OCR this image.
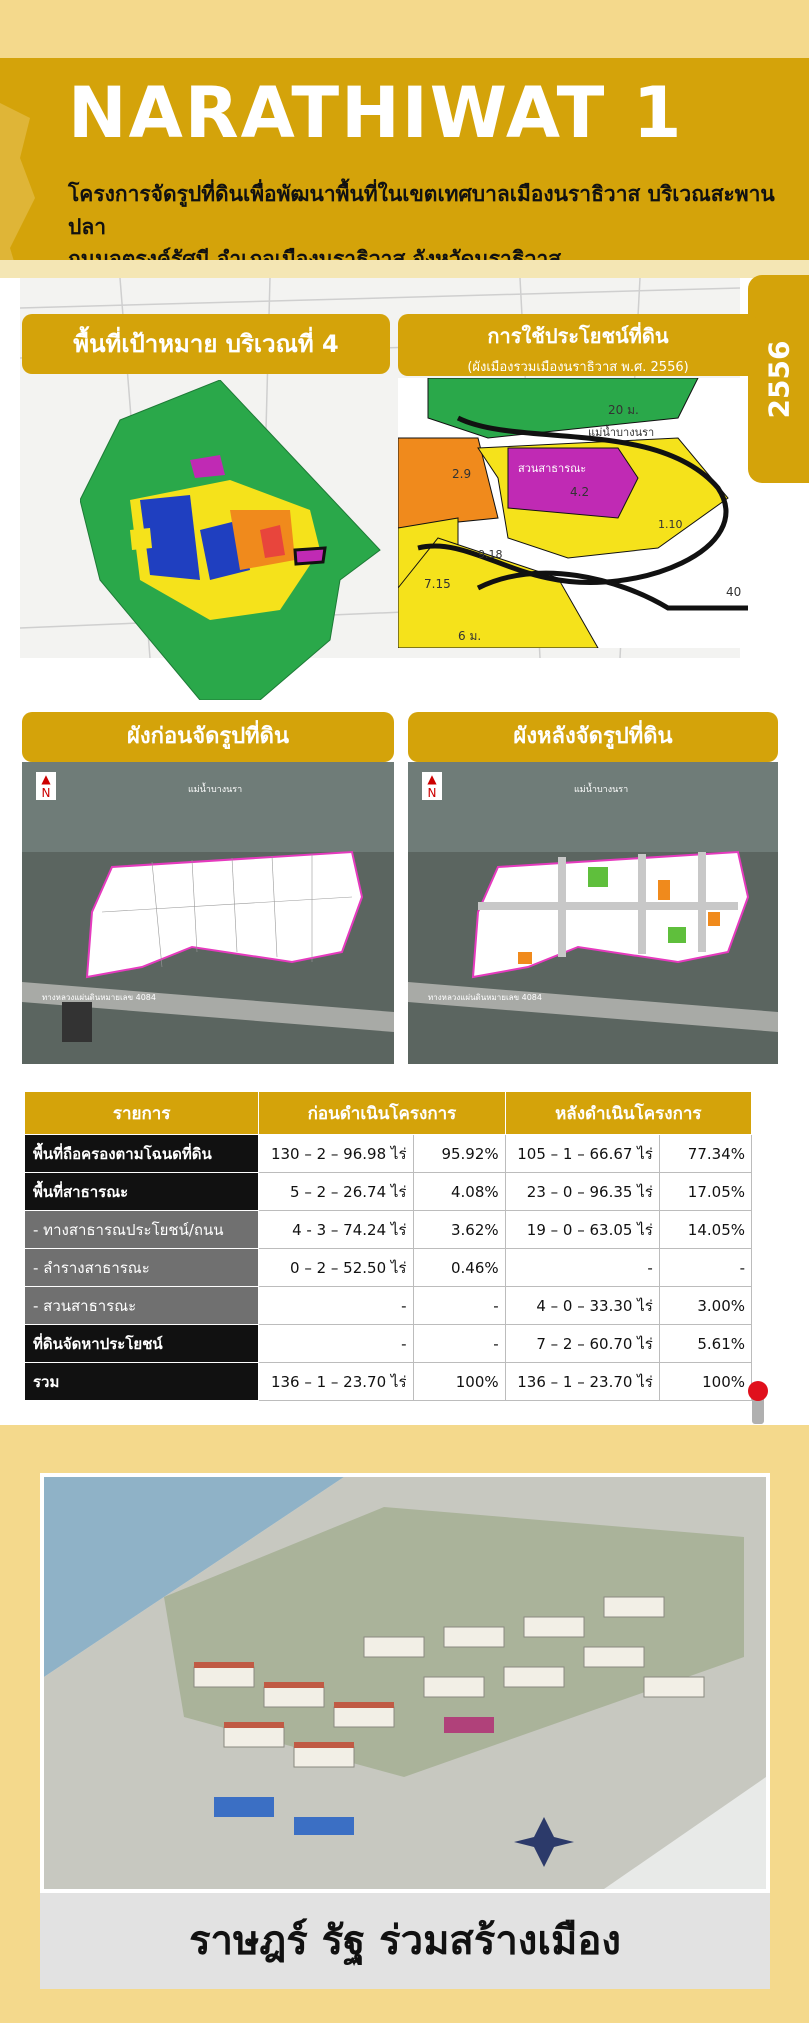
NARATHIWAT 1
โครงการจัดรูปที่ดินเพื่อพัฒนาพื้นที่ในเขตเทศบาลเมืองนราธิวาส บริเวณสะพานปลา
2556
พื้นที่เป้าหมาย บริเวณที่ 4	การใช้ประโยชน์ที่ดิน
(ผังเมืองรวมเมืองนราธิวาส พ.ศ. 2556)
2.9
4.2
1.10
7.15
9.18
40
20 ม.
6 ม.
สวนสาธารณะ
แม่น้ำบางนรา
ผังก่อนจัดรูปที่ดิน	ผังหลังจัดรูปที่ดิน
แม่น้ำบางนรา
ทางหลวงแผ่นดินหมายเลข 4084
▲
N	แม่น้ำบางนรา
ทางหลวงแผ่นดินหมายเลข 4084
▲
N
รายการ	ก่อนดำเนินโครงการ		หลังดำเนินโครงการ	
พื้นที่ถือครองตามโฉนดที่ดิน	130 – 2 – 96.98 ไร่	95.92%	105 – 1 – 66.67 ไร่	77.34%
พื้นที่สาธารณะ	5 – 2 – 26.74 ไร่	4.08%	23 – 0 – 96.35 ไร่	17.05%
- ทางสาธารณประโยชน์/ถนน	4 - 3 – 74.24 ไร่	3.62%	19 – 0 – 63.05 ไร่	14.05%
- ลำรางสาธารณะ	0 – 2 – 52.50 ไร่	0.46%	-	-
- สวนสาธารณะ	-	-	4 – 0 – 33.30 ไร่	3.00%
ที่ดินจัดหาประโยชน์	-	-	7 – 2 – 60.70 ไร่	5.61%
รวม	136 – 1 – 23.70 ไร่	100%	136 – 1 – 23.70 ไร่	100%
ราษฎร์ รัฐ ร่วมสร้างเมือง
